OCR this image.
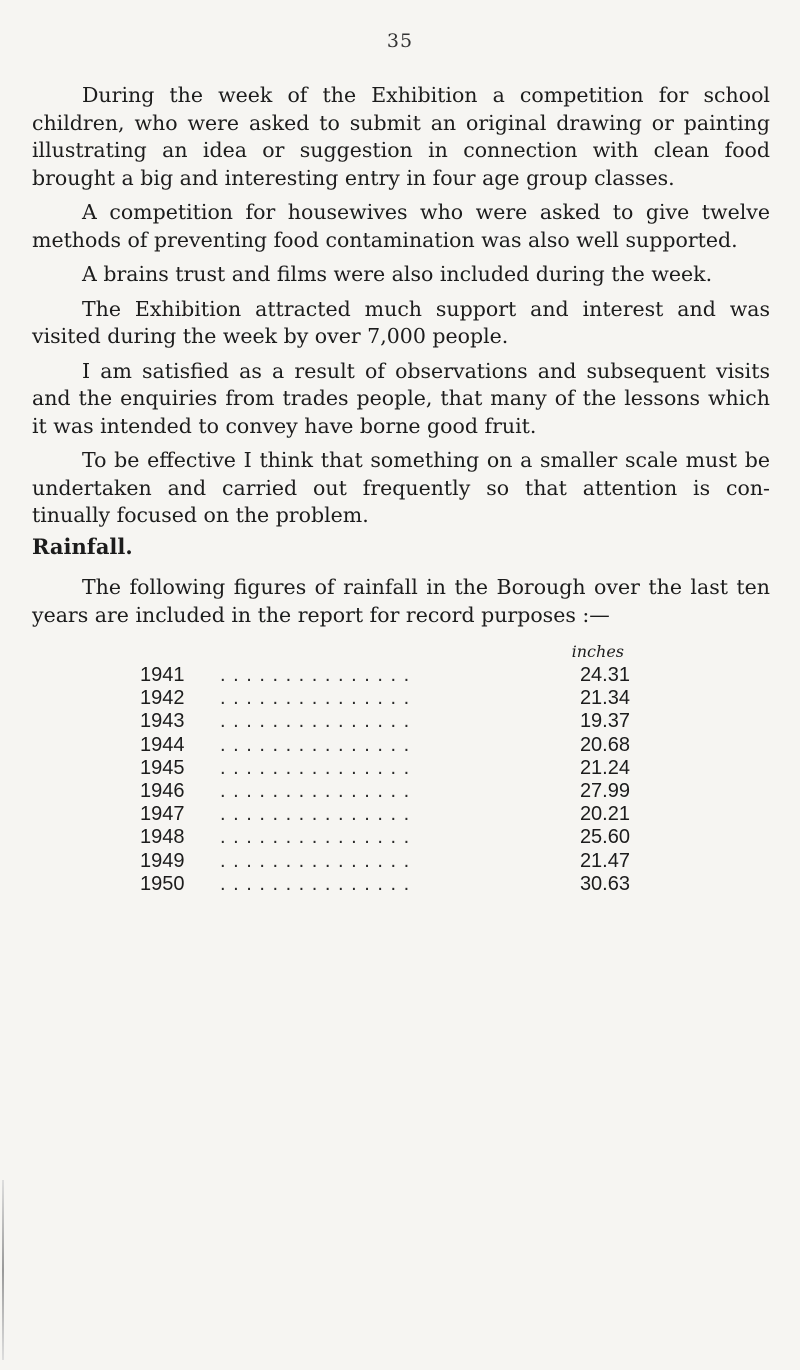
35

During the week of the Exhibition a competition for school children, who were asked to submit an original drawing or painting illustrating an idea or suggestion in connection with clean food brought a big and interesting entry in four age group classes.

A competition for housewives who were asked to give twelve methods of preventing food contamination was also well supported.

A brains trust and films were also included during the week.

The Exhibition attracted much support and interest and was visited during the week by over 7,000 people.

I am satisfied as a result of observations and subsequent visits and the enquiries from trades people, that many of the lessons which it was intended to convey have borne good fruit.

To be effective I think that something on a smaller scale must be undertaken and carried out frequently so that attention is con- tinually focused on the problem.

Rainfall.

The following figures of rainfall in the Borough over the last ten years are included in the report for record purposes :—

inches
1941	. . . . . . . . . . . . . . .	24.31
1942	. . . . . . . . . . . . . . .	21.34
1943	. . . . . . . . . . . . . . .	19.37
1944	. . . . . . . . . . . . . . .	20.68
1945	. . . . . . . . . . . . . . .	21.24
1946	. . . . . . . . . . . . . . .	27.99
1947	. . . . . . . . . . . . . . .	20.21
1948	. . . . . . . . . . . . . . .	25.60
1949	. . . . . . . . . . . . . . .	21.47
1950	. . . . . . . . . . . . . . .	30.63
